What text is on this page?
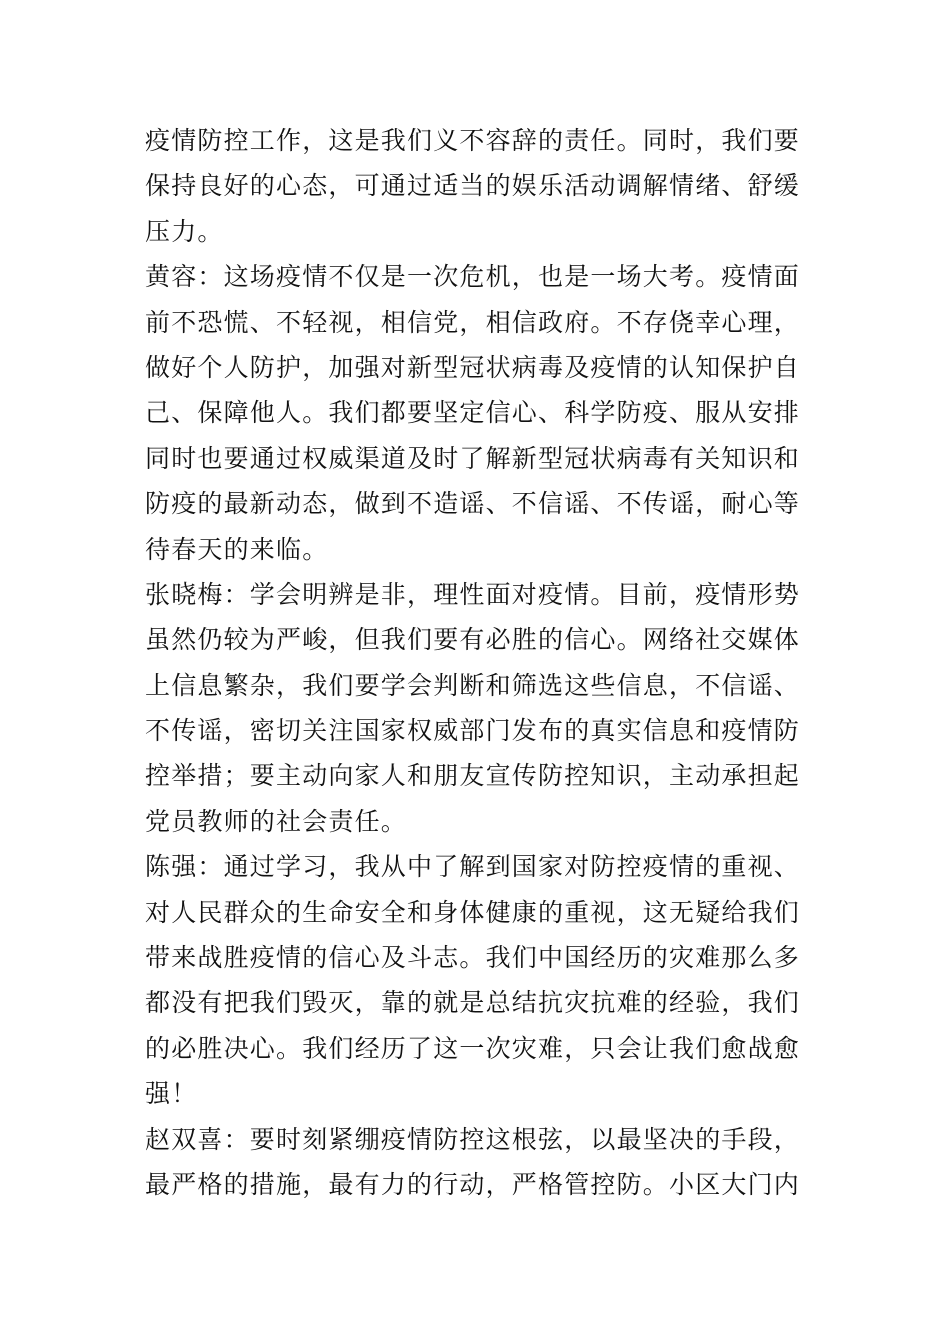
疫情防控工作，这是我们义不容辞的责任。同时，我们要
保持良好的心态，可通过适当的娱乐活动调解情绪、舒缓
压力。
黄容：这场疫情不仅是一次危机，也是一场大考。疫情面
前不恐慌、不轻视，相信党，相信政府。不存侥幸心理，
做好个人防护，加强对新型冠状病毒及疫情的认知保护自
己、保障他人。我们都要坚定信心、科学防疫、服从安排
同时也要通过权威渠道及时了解新型冠状病毒有关知识和
防疫的最新动态，做到不造谣、不信谣、不传谣，耐心等
待春天的来临。
张晓梅：学会明辨是非，理性面对疫情。目前，疫情形势
虽然仍较为严峻，但我们要有必胜的信心。网络社交媒体
上信息繁杂，我们要学会判断和筛选这些信息，不信谣、
不传谣，密切关注国家权威部门发布的真实信息和疫情防
控举措；要主动向家人和朋友宣传防控知识，主动承担起
党员教师的社会责任。
陈强：通过学习，我从中了解到国家对防控疫情的重视、
对人民群众的生命安全和身体健康的重视，这无疑给我们
带来战胜疫情的信心及斗志。我们中国经历的灾难那么多
都没有把我们毁灭，靠的就是总结抗灾抗难的经验，我们
的必胜决心。我们经历了这一次灾难，只会让我们愈战愈
强！
赵双喜：要时刻紧绷疫情防控这根弦，以最坚决的手段，
最严格的措施，最有力的行动，严格管控防。小区大门内
